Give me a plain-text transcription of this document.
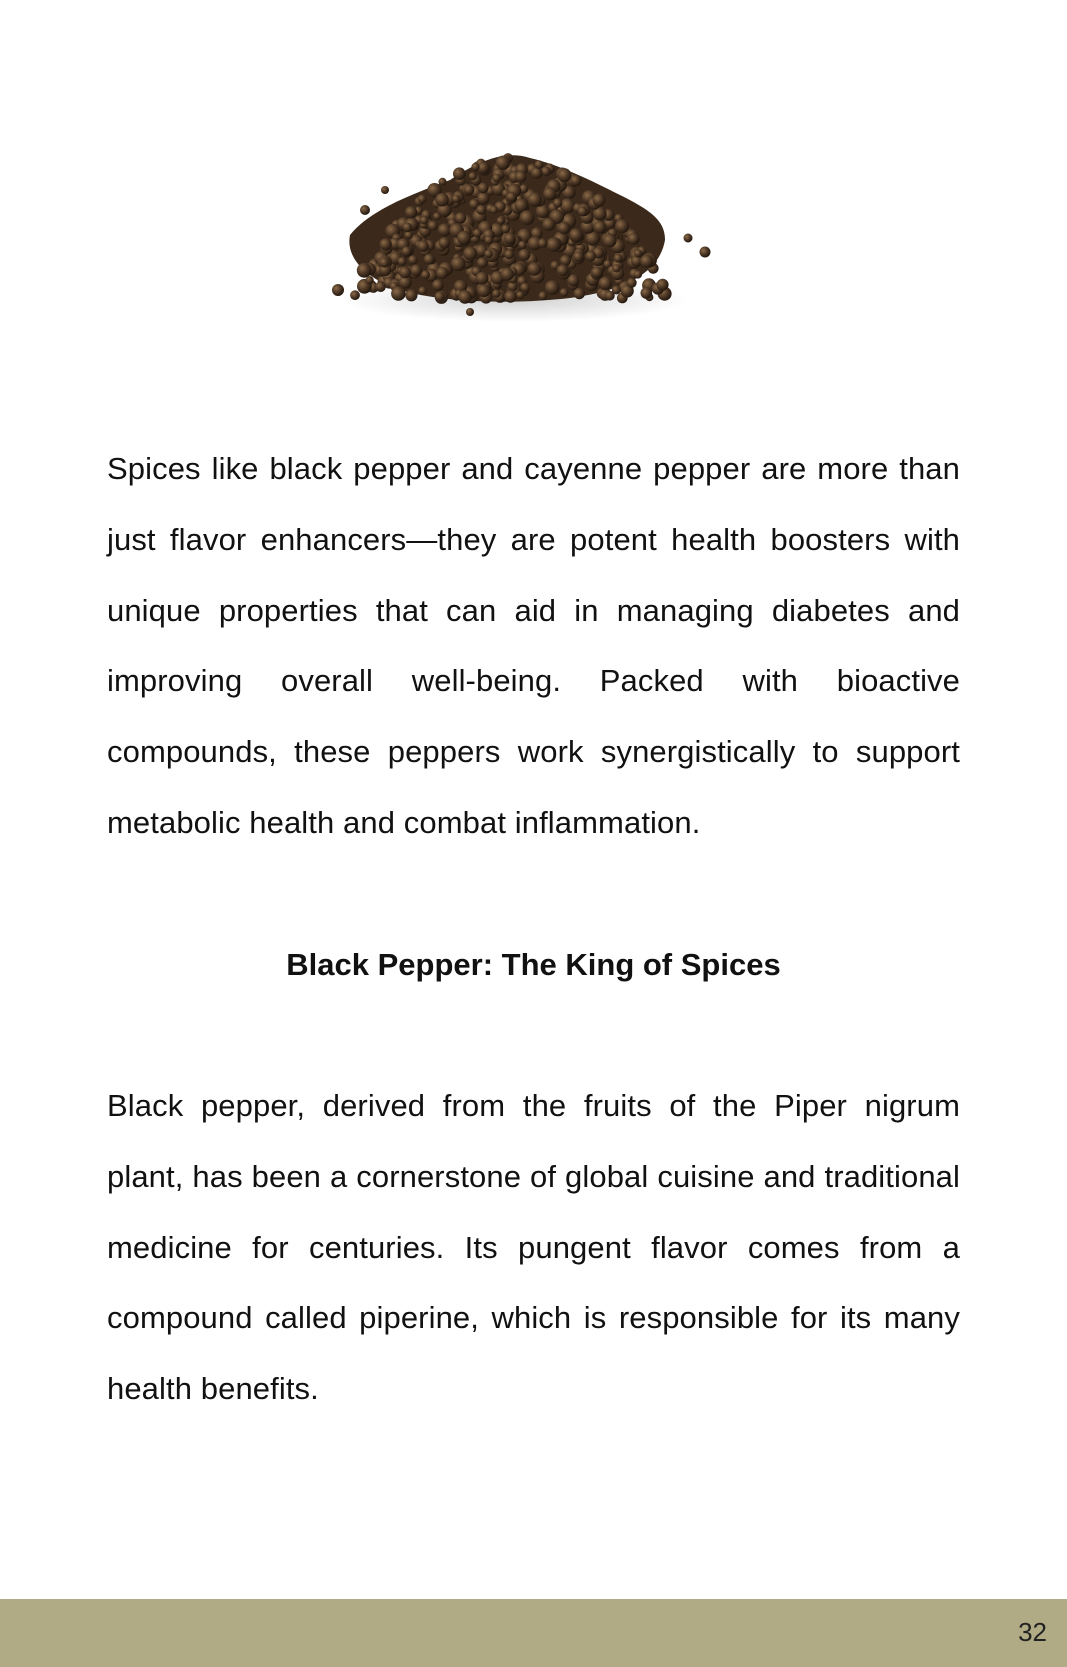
Spices like black pepper and cayenne pepper are more than just flavor enhancers—they are potent health boosters with unique properties that can aid in managing diabetes and improving overall well-being. Packed with bioactive compounds, these peppers work synergistically to support metabolic health and combat inflammation.

Black Pepper: The King of Spices

Black pepper, derived from the fruits of the Piper nigrum plant, has been a cornerstone of global cuisine and traditional medicine for centuries. Its pungent flavor comes from a compound called piperine, which is responsible for its many health benefits.

32
